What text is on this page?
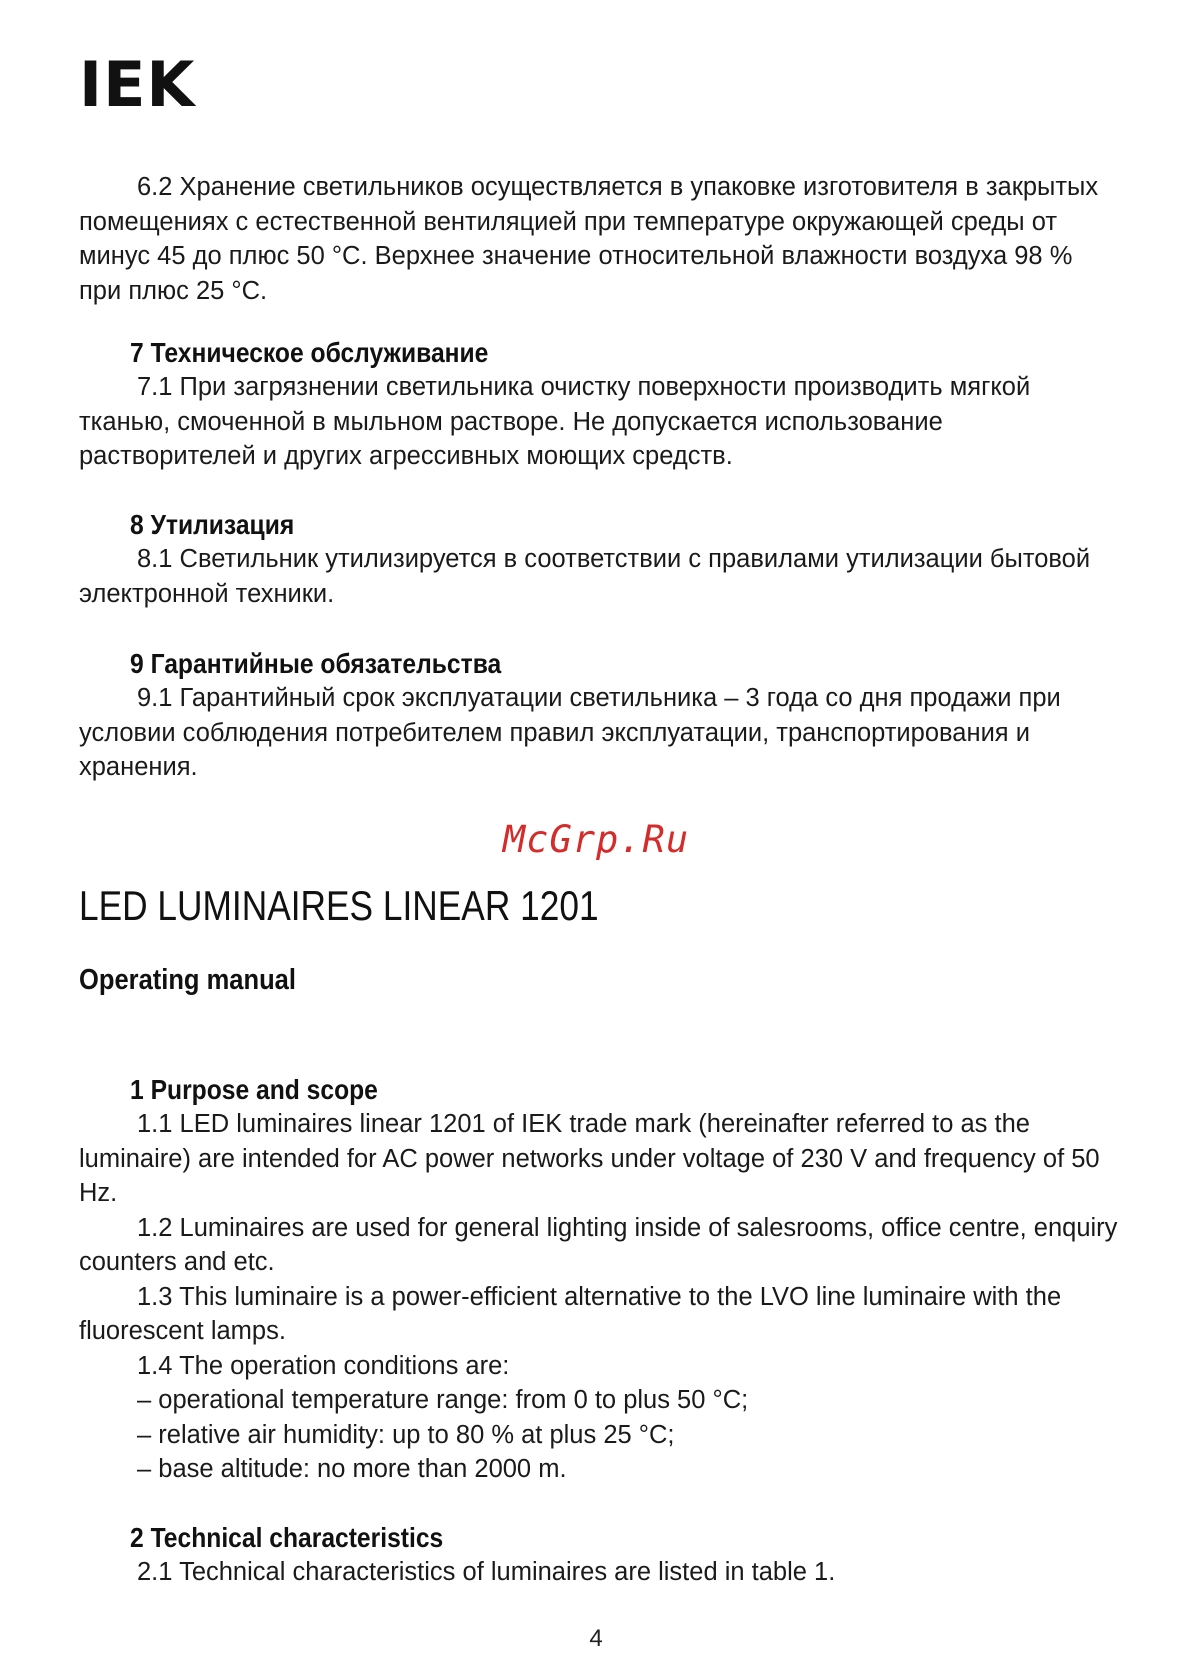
IEK

6.2 Хранение светильников осуществляется в упаковке изготовителя в закрытых помещениях с естественной вентиляцией при температуре окружающей среды от минус 45 до плюс 50 °С. Верхнее значение относительной влажности воздуха 98 % при плюс 25 °С.

7 Техническое обслуживание

7.1 При загрязнении светильника очистку поверхности производить мягкой тканью, смоченной в мыльном растворе. Не допускается использование растворителей и других агрессивных моющих средств.

8 Утилизация

8.1 Светильник утилизируется в соответствии с правилами утилизации бытовой электронной техники.

9 Гарантийные обязательства

9.1 Гарантийный срок эксплуатации светильника – 3 года со дня продажи при условии соблюдения потребителем правил эксплуатации, транспортирования и хранения.

McGrp.Ru
LED LUMINAIRES LINEAR 1201
Operating manual
1 Purpose and scope

1.1 LED luminaires linear 1201 of IEK trade mark (hereinafter referred to as the luminaire) are intended for AC power networks under voltage of 230 V and frequency of 50 Hz.

1.2 Luminaires are used for general lighting inside of salesrooms, office centre, enquiry counters and etc.

1.3 This luminaire is a power-efficient alternative to the LVO line luminaire with the fluorescent lamps.

1.4 The operation conditions are:

– operational temperature range: from 0 to plus 50 °C;

– relative air humidity: up to 80 % at plus 25 °C;

– base altitude: no more than 2000 m.

2 Technical characteristics

2.1 Technical characteristics of luminaires are listed in table 1.

4
